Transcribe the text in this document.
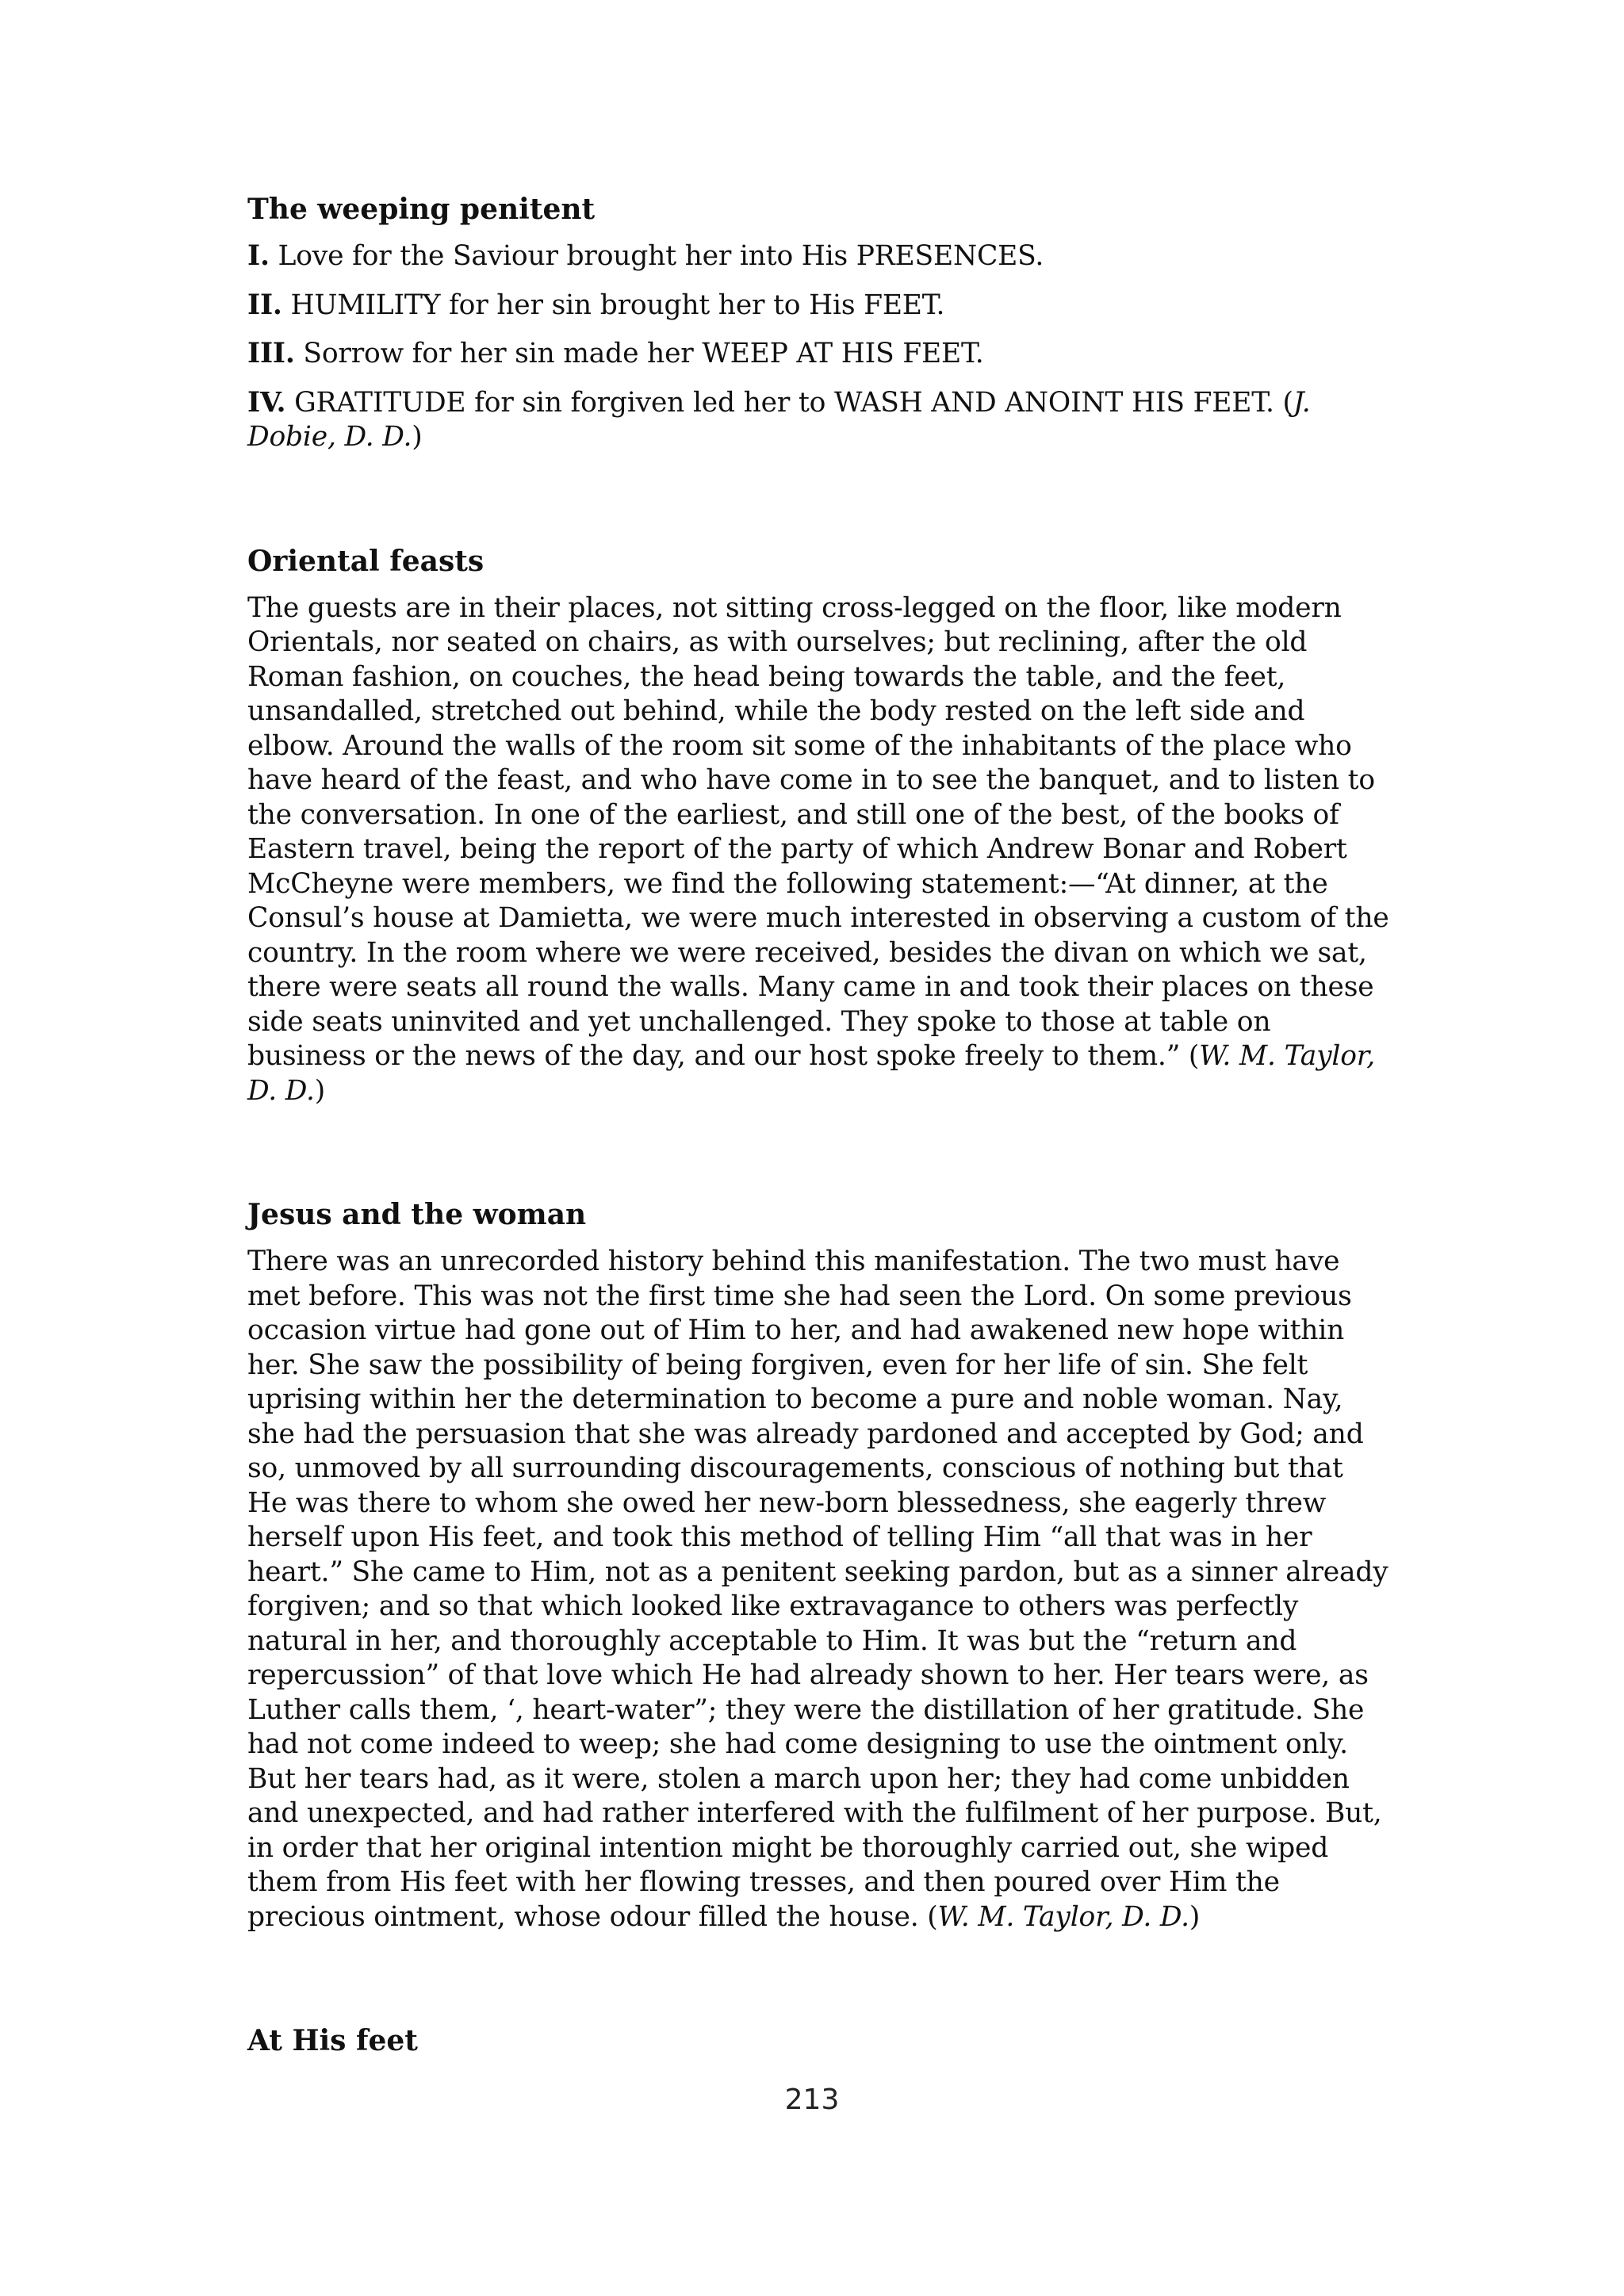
The weeping penitent

I. Love for the Saviour brought her into His PRESENCES.

II. HUMILITY for her sin brought her to His FEET.

III. Sorrow for her sin made her WEEP AT HIS FEET.

IV. GRATITUDE for sin forgiven led her to WASH AND ANOINT HIS FEET. (J. Dobie, D. D.)

Oriental feasts

The guests are in their places, not sitting cross-legged on the floor, like modern Orientals, nor seated on chairs, as with ourselves; but reclining, after the old Roman fashion, on couches, the head being towards the table, and the feet, unsandalled, stretched out behind, while the body rested on the left side and elbow. Around the walls of the room sit some of the inhabitants of the place who have heard of the feast, and who have come in to see the banquet, and to listen to the conversation. In one of the earliest, and still one of the best, of the books of Eastern travel, being the report of the party of which Andrew Bonar and Robert McCheyne were members, we find the following statement:—“At dinner, at the Consul’s house at Damietta, we were much interested in observing a custom of the country. In the room where we were received, besides the divan on which we sat, there were seats all round the walls. Many came in and took their places on these side seats uninvited and yet unchallenged. They spoke to those at table on business or the news of the day, and our host spoke freely to them.” (W. M. Taylor, D. D.)

Jesus and the woman

There was an unrecorded history behind this manifestation. The two must have met before. This was not the first time she had seen the Lord. On some previous occasion virtue had gone out of Him to her, and had awakened new hope within her. She saw the possibility of being forgiven, even for her life of sin. She felt uprising within her the determination to become a pure and noble woman. Nay, she had the persuasion that she was already pardoned and accepted by God; and so, unmoved by all surrounding discouragements, conscious of nothing but that He was there to whom she owed her new-born blessedness, she eagerly threw herself upon His feet, and took this method of telling Him “all that was in her heart.” She came to Him, not as a penitent seeking pardon, but as a sinner already forgiven; and so that which looked like extravagance to others was perfectly natural in her, and thoroughly acceptable to Him. It was but the “return and repercussion” of that love which He had already shown to her. Her tears were, as Luther calls them, ‘, heart-water”; they were the distillation of her gratitude. She had not come indeed to weep; she had come designing to use the ointment only. But her tears had, as it were, stolen a march upon her; they had come unbidden and unexpected, and had rather interfered with the fulfilment of her purpose. But, in order that her original intention might be thoroughly carried out, she wiped them from His feet with her flowing tresses, and then poured over Him the precious ointment, whose odour filled the house. (W. M. Taylor, D. D.)

At His feet
213
